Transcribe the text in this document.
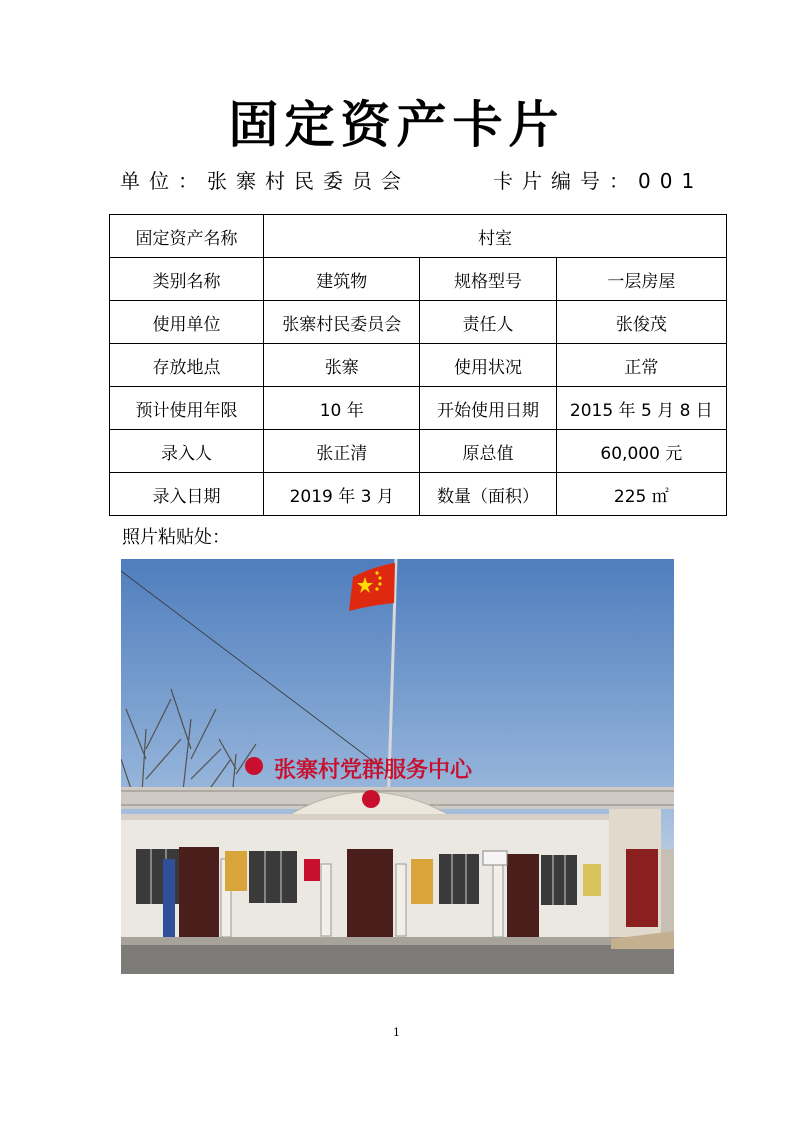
固定资产卡片
单位：张寨村民委员会	卡片编号：001
固定资产名称	村室		
类别名称	建筑物	规格型号	一层房屋
使用单位	张寨村民委员会	责任人	张俊茂
存放地点	张寨	使用状况	正常
预计使用年限	10 年	开始使用日期	2015 年 5 月 8 日
录入人	张正清	原总值	60,000 元
录入日期	2019 年 3 月	数量（面积）	225 ㎡
照片粘贴处：
张寨村党群服务中心
1
